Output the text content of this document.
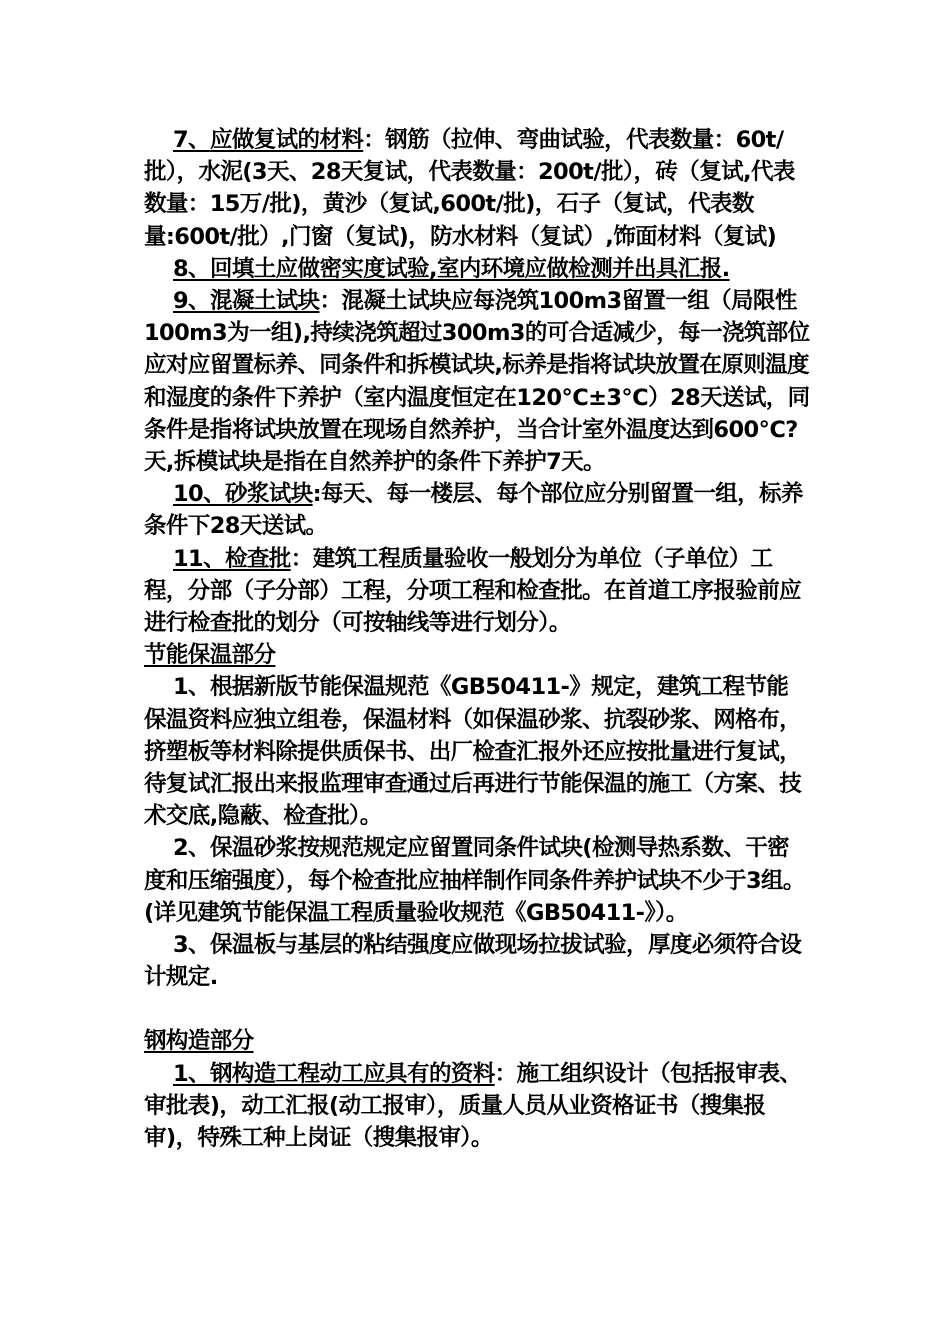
7、应做复试的材料：钢筋（拉伸、弯曲试验，代表数量：60t/批），水泥(3天、28天复试，代表数量：200t/批），砖（复试,代表数量：15万/批)，黄沙（复试,600t/批)，石子（复试，代表数量:600t/批）,门窗（复试)，防水材料（复试）,饰面材料（复试)

8、回填土应做密实度试验,室内环境应做检测并出具汇报.

9、混凝土试块：混凝土试块应每浇筑100m3留置一组（局限性100m3为一组),持续浇筑超过300m3的可合适减少，每一浇筑部位应对应留置标养、同条件和拆模试块,标养是指将试块放置在原则温度和湿度的条件下养护（室内温度恒定在120℃±3℃）28天送试，同条件是指将试块放置在现场自然养护，当合计室外温度达到600℃? 天,拆模试块是指在自然养护的条件下养护7天。

10、砂浆试块:每天、每一楼层、每个部位应分别留置一组，标养条件下28天送试。

11、检查批：建筑工程质量验收一般划分为单位（子单位）工程，分部（子分部）工程，分项工程和检查批。在首道工序报验前应进行检查批的划分（可按轴线等进行划分）。

节能保温部分

1、根据新版节能保温规范《GB50411-》规定，建筑工程节能保温资料应独立组卷，保温材料（如保温砂浆、抗裂砂浆、网格布，挤塑板等材料除提供质保书、出厂检查汇报外还应按批量进行复试，待复试汇报出来报监理审查通过后再进行节能保温的施工（方案、技术交底,隐蔽、检查批）。

2、保温砂浆按规范规定应留置同条件试块(检测导热系数、干密度和压缩强度），每个检查批应抽样制作同条件养护试块不少于3组。(详见建筑节能保温工程质量验收规范《GB50411-》）。

3、保温板与基层的粘结强度应做现场拉拔试验，厚度必须符合设计规定.

钢构造部分

1、钢构造工程动工应具有的资料：施工组织设计（包括报审表、审批表)，动工汇报(动工报审），质量人员从业资格证书（搜集报审)，特殊工种上岗证（搜集报审）。
